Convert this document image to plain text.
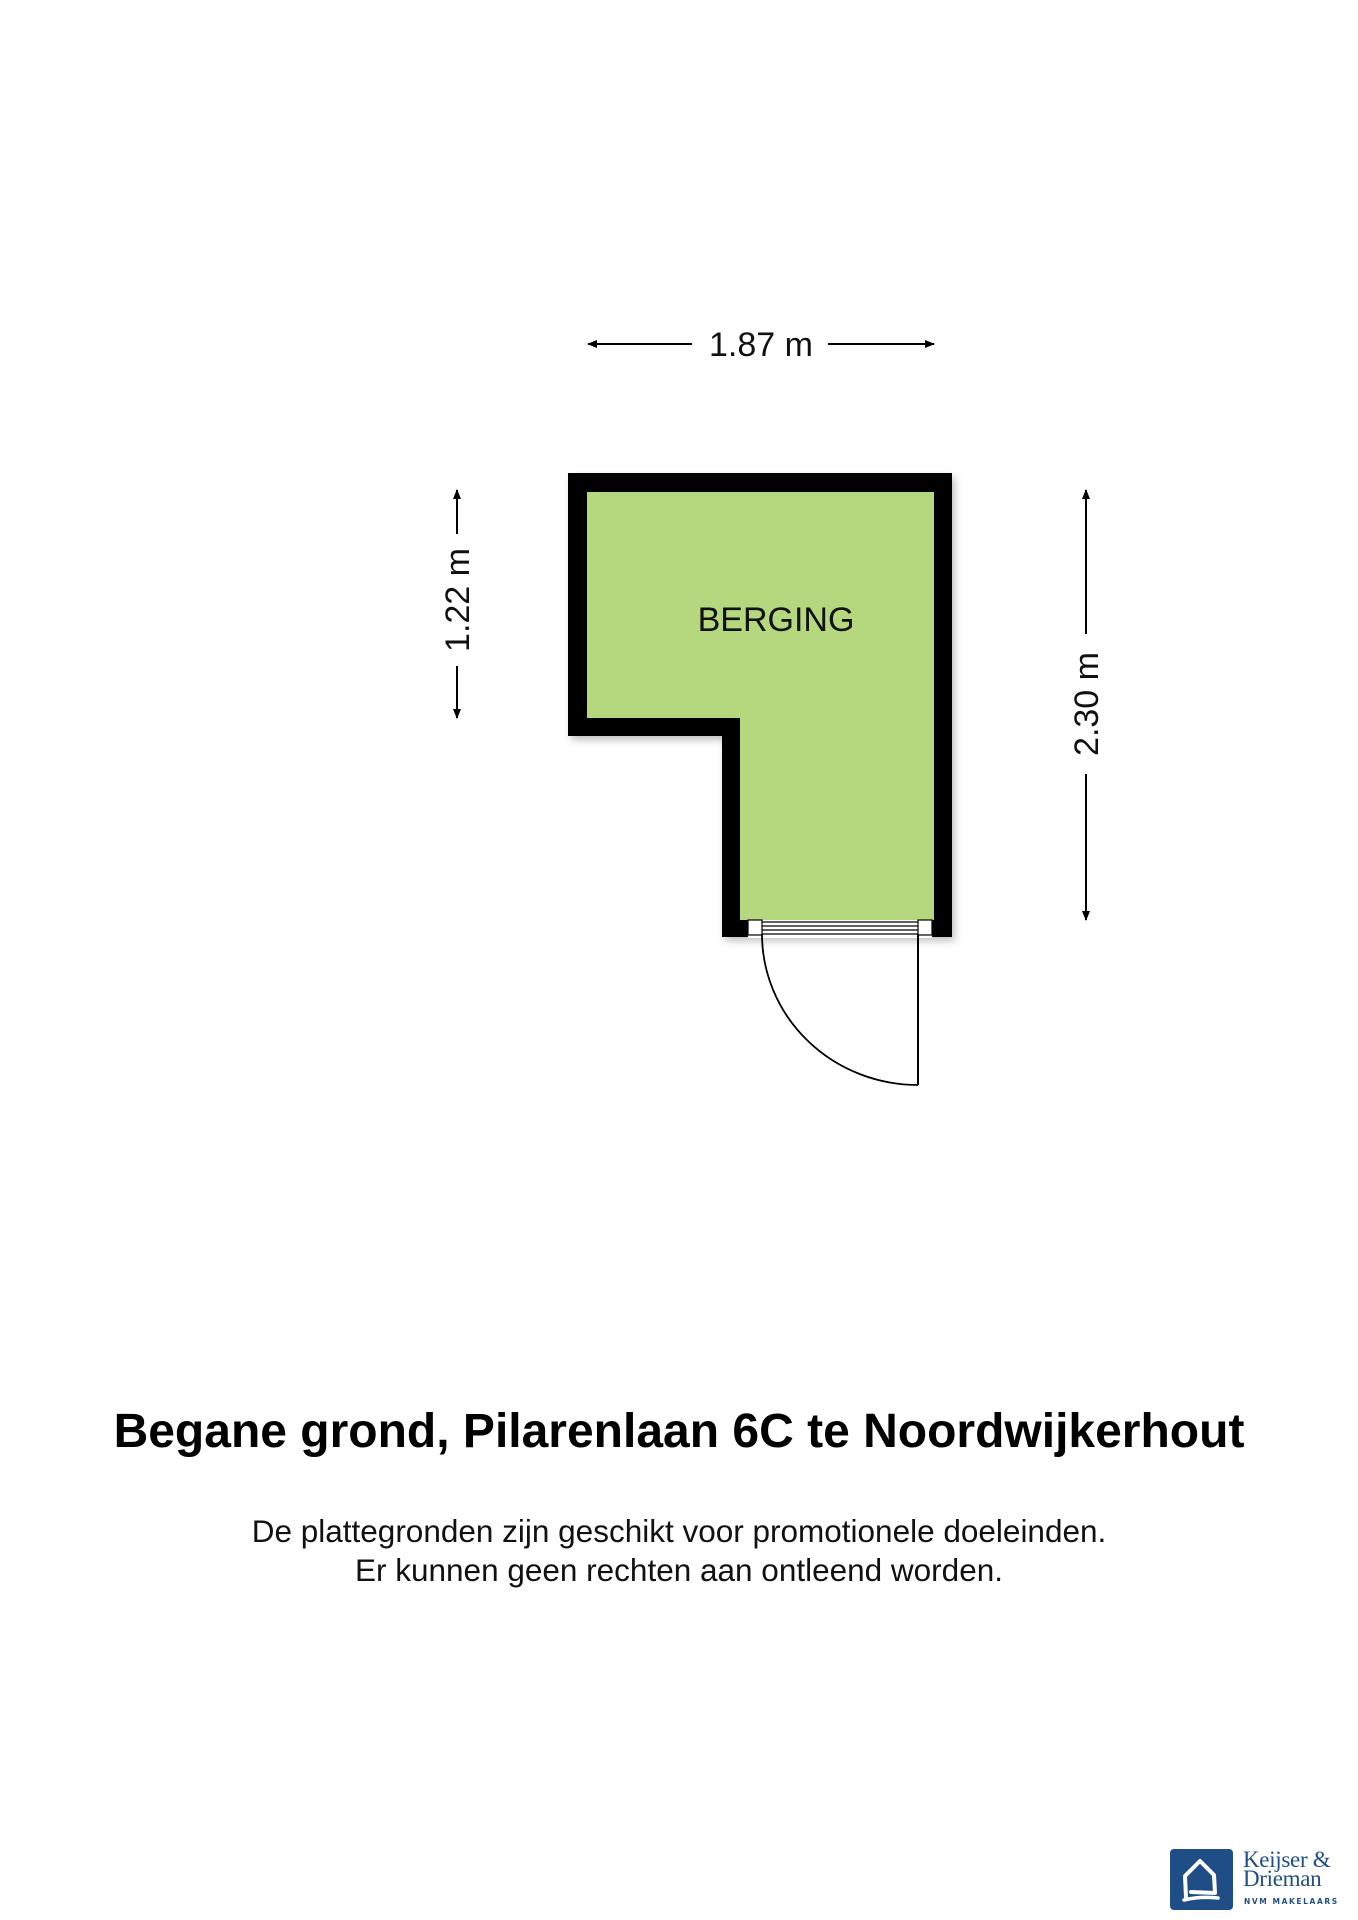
1.87 m
1.22 m
2.30 m
BERGING
Begane grond, Pilarenlaan 6C te Noordwijkerhout
De plattegronden zijn geschikt voor promotionele doeleinden.
Er kunnen geen rechten aan ontleend worden.
Keijser &
Drieman
NVM MAKELAARS
